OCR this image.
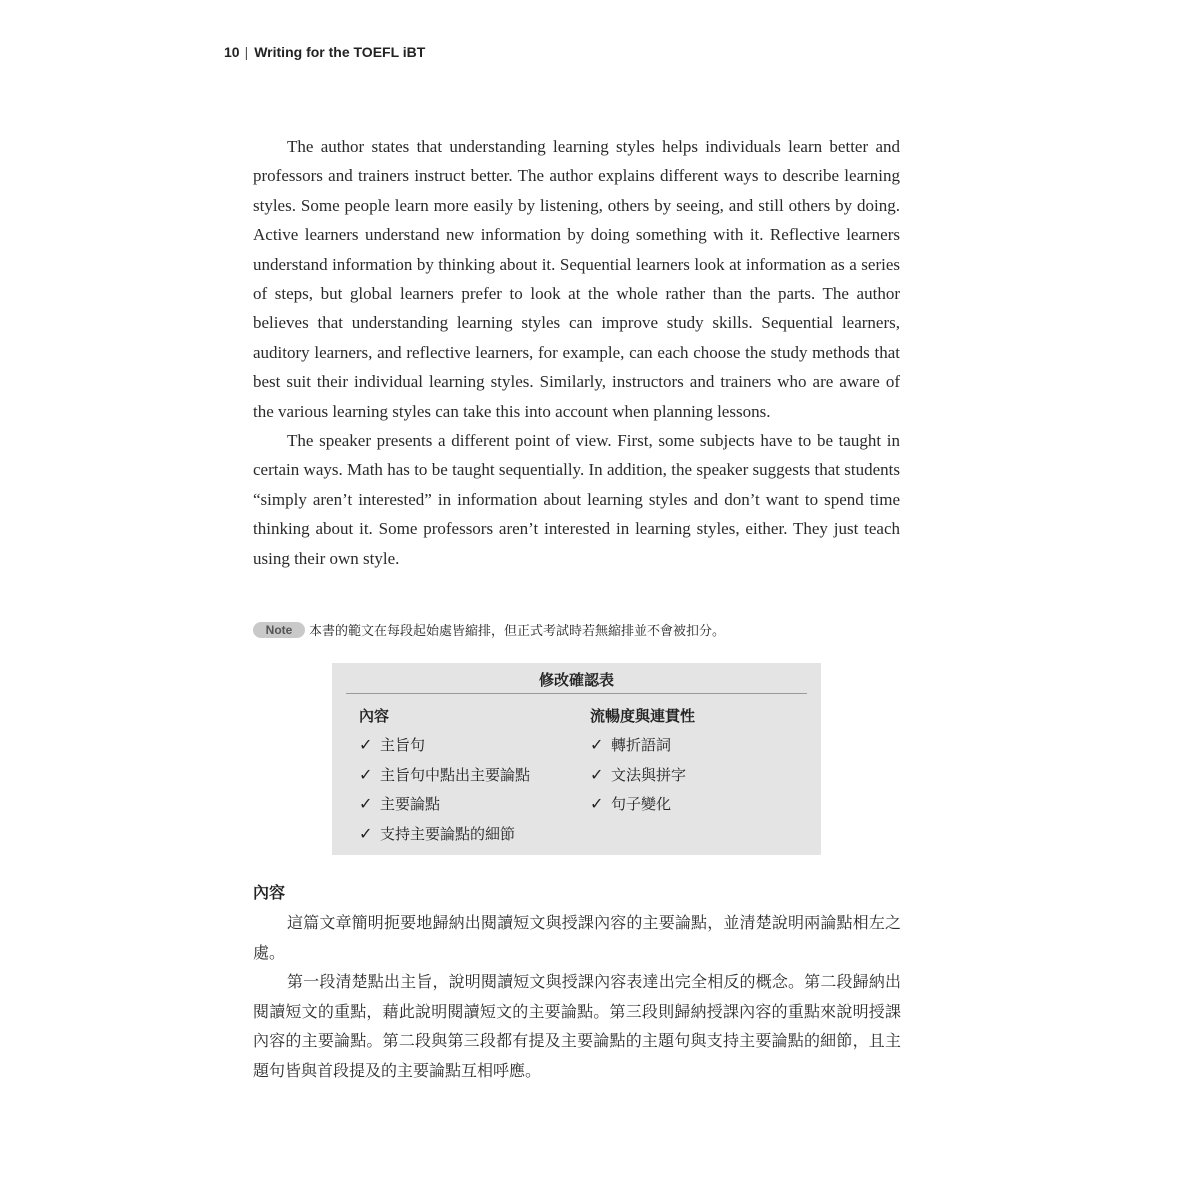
10 | Writing for the TOEFL iBT

The author states that understanding learning styles helps individuals learn better and professors and trainers instruct better. The author explains different ways to describe learning styles. Some people learn more easily by listening, others by seeing, and still others by doing. Active learners understand new information by doing something with it. Reflective learners understand information by thinking about it. Sequential learners look at information as a series of steps, but global learners prefer to look at the whole rather than the parts. The author believes that understanding learning styles can improve study skills. Sequential learners, auditory learners, and reflective learners, for example, can each choose the study methods that best suit their individual learning styles. Similarly, instructors and trainers who are aware of the various learning styles can take this into account when planning lessons.

The speaker presents a different point of view. First, some subjects have to be taught in certain ways. Math has to be taught sequentially. In addition, the speaker suggests that students “simply aren’t interested” in information about learning styles and don’t want to spend time thinking about it. Some professors aren’t interested in learning styles, either. They just teach using their own style.

Note	本書的範文在每段起始處皆縮排，但正式考試時若無縮排並不會被扣分。
修改確認表
內容
✓ 主旨句
✓ 主旨句中點出主要論點
✓ 主要論點
✓ 支持主要論點的細節
流暢度與連貫性
✓ 轉折語詞
✓ 文法與拼字
✓ 句子變化
內容

這篇文章簡明扼要地歸納出閱讀短文與授課內容的主要論點，並清楚說明兩論點相左之處。

第一段清楚點出主旨，說明閱讀短文與授課內容表達出完全相反的概念。第二段歸納出閱讀短文的重點，藉此說明閱讀短文的主要論點。第三段則歸納授課內容的重點來說明授課內容的主要論點。第二段與第三段都有提及主要論點的主題句與支持主要論點的細節，且主題句皆與首段提及的主要論點互相呼應。
